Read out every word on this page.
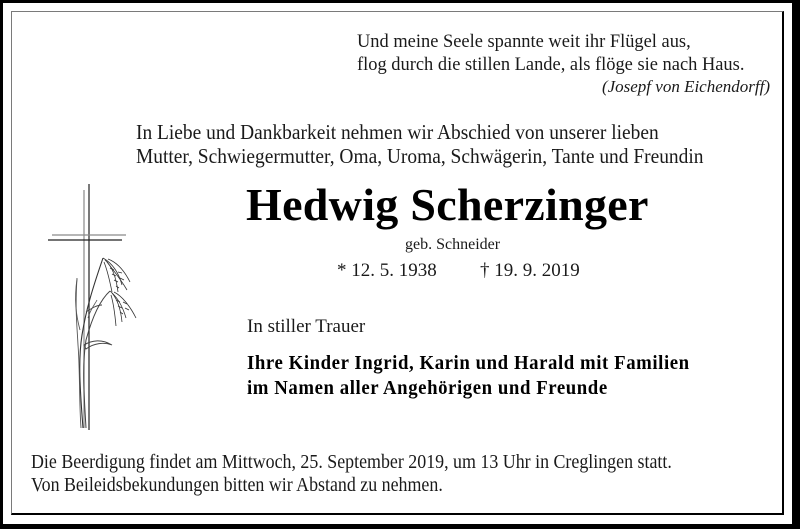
Und meine Seele spannte weit ihr Flügel aus,
flog durch die stillen Lande, als flöge sie nach Haus.
(Josepf von Eichendorff)
In Liebe und Dankbarkeit nehmen wir Abschied von unserer lieben
Mutter, Schwiegermutter, Oma, Uroma, Schwägerin, Tante und Freundin
Hedwig Scherzinger
geb. Schneider
* 12. 5. 1938 † 19. 9. 2019
In stiller Trauer
Ihre Kinder Ingrid, Karin und Harald mit Familien
im Namen aller Angehörigen und Freunde
Die Beerdigung findet am Mittwoch, 25. September 2019, um 13 Uhr in Creglingen statt.
Von Beileidsbekundungen bitten wir Abstand zu nehmen.
